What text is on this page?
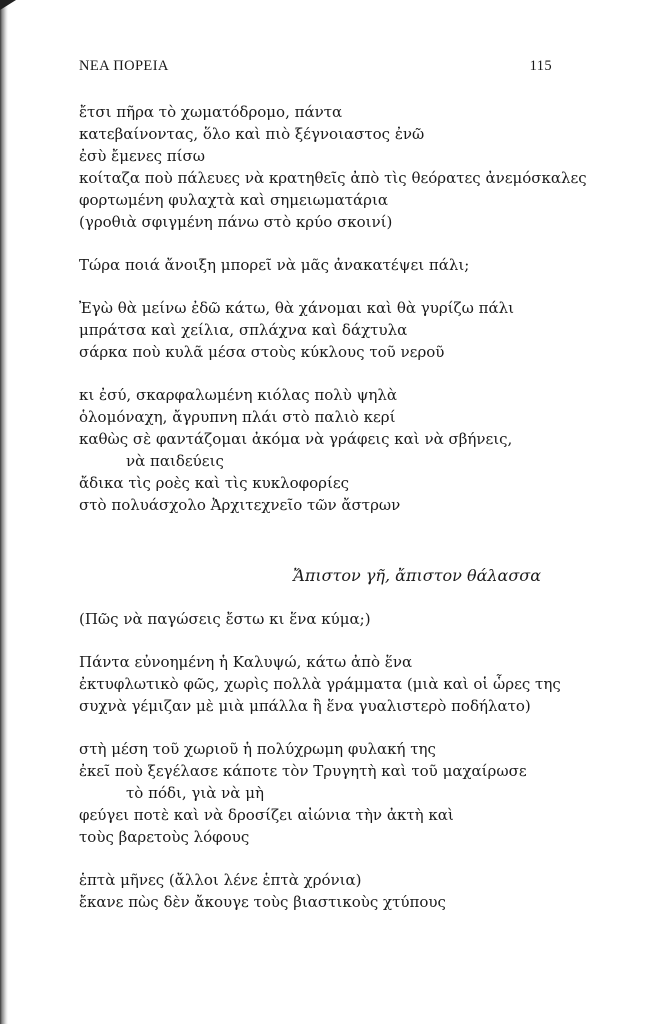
ΝΕΑ ΠΟΡΕΙΑ	115
ἔτσι πῆρα τὸ χωματόδρομο, πάντα
κατεβαίνοντας, ὅλο καὶ πιὸ ξέγνοιαστος ἐνῶ
ἐσὺ ἔμενες πίσω
κοίταζα ποὺ πάλευες νὰ κρατηθεῖς ἀπὸ τὶς θεόρατες ἀνεμόσκαλες
φορτωμένη φυλαχτὰ καὶ σημειωματάρια
(γροθιὰ σφιγμένη πάνω στὸ κρύο σκοινί)
Τώρα ποιά ἄνοιξη μπορεῖ νὰ μᾶς ἀνακατέψει πάλι;
Ἐγὼ θὰ μείνω ἐδῶ κάτω, θὰ χάνομαι καὶ θὰ γυρίζω πάλι
μπράτσα καὶ χείλια, σπλάχνα καὶ δάχτυλα
σάρκα ποὺ κυλᾶ μέσα στοὺς κύκλους τοῦ νεροῦ
κι ἐσύ, σκαρφαλωμένη κιόλας πολὺ ψηλὰ
ὁλομόναχη, ἄγρυπνη πλάι στὸ παλιὸ κερί
καθὼς σὲ φαντάζομαι ἀκόμα νὰ γράφεις καὶ νὰ σβήνεις,
νὰ παιδεύεις
ἄδικα τὶς ροὲς καὶ τὶς κυκλοφορίες
στὸ πολυάσχολο Ἀρχιτεχνεῖο τῶν ἄστρων
Ἄπιστον γῆ, ἄπιστον θάλασσα
(Πῶς νὰ παγώσεις ἔστω κι ἕνα κύμα;)
Πάντα εὐνοημένη ἡ Καλυψώ, κάτω ἀπὸ ἕνα
ἐκτυφλωτικὸ φῶς, χωρὶς πολλὰ γράμματα (μιὰ καὶ οἱ ὧρες της
συχνὰ γέμιζαν μὲ μιὰ μπάλλα ἢ ἕνα γυαλιστερὸ ποδήλατο)
στὴ μέση τοῦ χωριοῦ ἡ πολύχρωμη φυλακή της
ἐκεῖ ποὺ ξεγέλασε κάποτε τὸν Τρυγητὴ καὶ τοῦ μαχαίρωσε
τὸ πόδι, γιὰ νὰ μὴ
φεύγει ποτὲ καὶ νὰ δροσίζει αἰώνια τὴν ἀκτὴ καὶ
τοὺς βαρετοὺς λόφους
ἑπτὰ μῆνες (ἄλλοι λένε ἑπτὰ χρόνια)
ἔκανε πὼς δὲν ἄκουγε τοὺς βιαστικοὺς χτύπους
